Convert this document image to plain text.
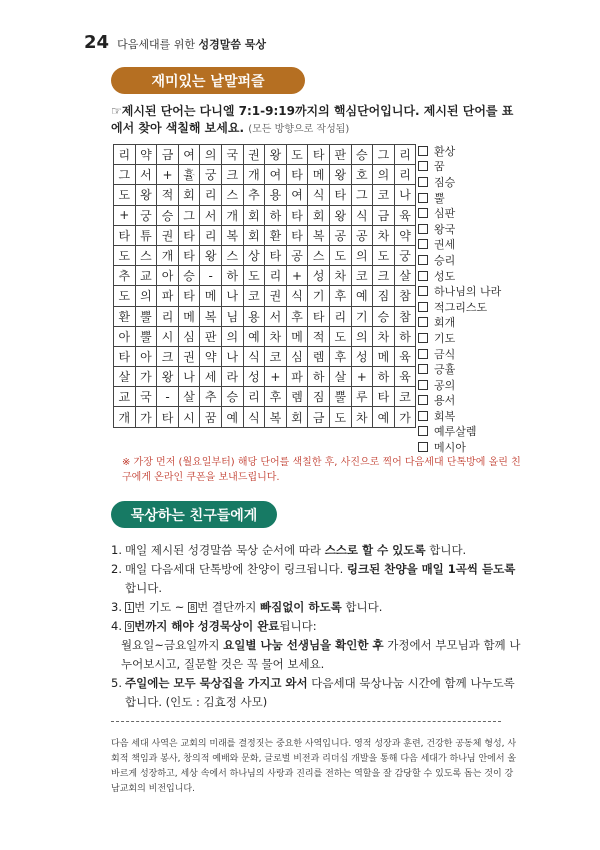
24 다음세대를 위한 성경말씀 묵상
재미있는 낱말퍼즐
☞제시된 단어는 다니엘 7:1-9:19까지의 핵심단어입니다. 제시된 단어를 표에서 찾아 색칠해 보세요. (모든 방향으로 작성됨)
리	약	금	여	의	국	권	왕	도	타	판	승	그	리
그	서	+	휼	궁	크	개	여	타	메	왕	호	의	리
도	왕	적	회	리	스	추	용	여	식	타	그	코	나
+	궁	승	그	서	개	회	하	타	회	왕	식	금	육
타	튜	권	타	리	복	회	환	타	복	공	공	차	약
도	스	개	타	왕	스	상	타	공	스	도	의	도	궁
추	교	아	승	-	하	도	리	+	성	차	코	크	살
도	의	파	타	메	나	코	권	식	기	후	예	짐	참
환	뿔	리	메	복	님	용	서	후	타	리	기	승	참
아	뿔	시	심	판	의	예	차	메	적	도	의	차	하
타	아	크	권	약	나	식	코	심	렘	후	성	메	육
살	가	왕	나	세	라	성	+	파	하	살	+	하	육
교	국	-	살	추	승	리	후	렘	짐	뿔	루	타	코
개	가	타	시	꿈	예	식	복	회	금	도	차	예	가
환상
꿈
짐승
뿔
심판
왕국
권세
승리
성도
하나님의 나라
적그리스도
회개
기도
금식
긍휼
공의
용서
회복
예루살렘
메시아
※ 가장 먼저 (월요일부터) 해당 단어를 색칠한 후, 사진으로 찍어 다음세대 단톡방에 올린 친구에게 온라인 쿠폰을 보내드립니다.
묵상하는 친구들에게
1. 매일 제시된 성경말씀 묵상 순서에 따라 스스로 할 수 있도록 합니다.
2. 매일 다음세대 단톡방에 찬양이 링크됩니다. 링크된 찬양을 매일 1곡씩 듣도록 합니다.
3. 1 번 기도 ~ 8 번 결단까지 빠짐없이 하도록 합니다.
4. 9 번까지 해야 성경묵상이 완료됩니다:
월요일~금요일까지 요일별 나눔 선생님을 확인한 후 가정에서 부모님과 함께 나누어보시고, 질문할 것은 꼭 물어 보세요.
5. 주일에는 모두 묵상집을 가지고 와서 다음세대 묵상나눔 시간에 함께 나누도록 합니다. (인도 : 김효정 사모)
다음 세대 사역은 교회의 미래를 결정짓는 중요한 사역입니다. 영적 성장과 훈련, 건강한 공동체 형성, 사회적 책임과 봉사, 창의적 예배와 문화, 글로벌 비전과 리더십 개발을 통해 다음 세대가 하나님 안에서 올바르게 성장하고, 세상 속에서 하나님의 사랑과 진리를 전하는 역할을 잘 감당할 수 있도록 돕는 것이 강남교회의 비전입니다.
